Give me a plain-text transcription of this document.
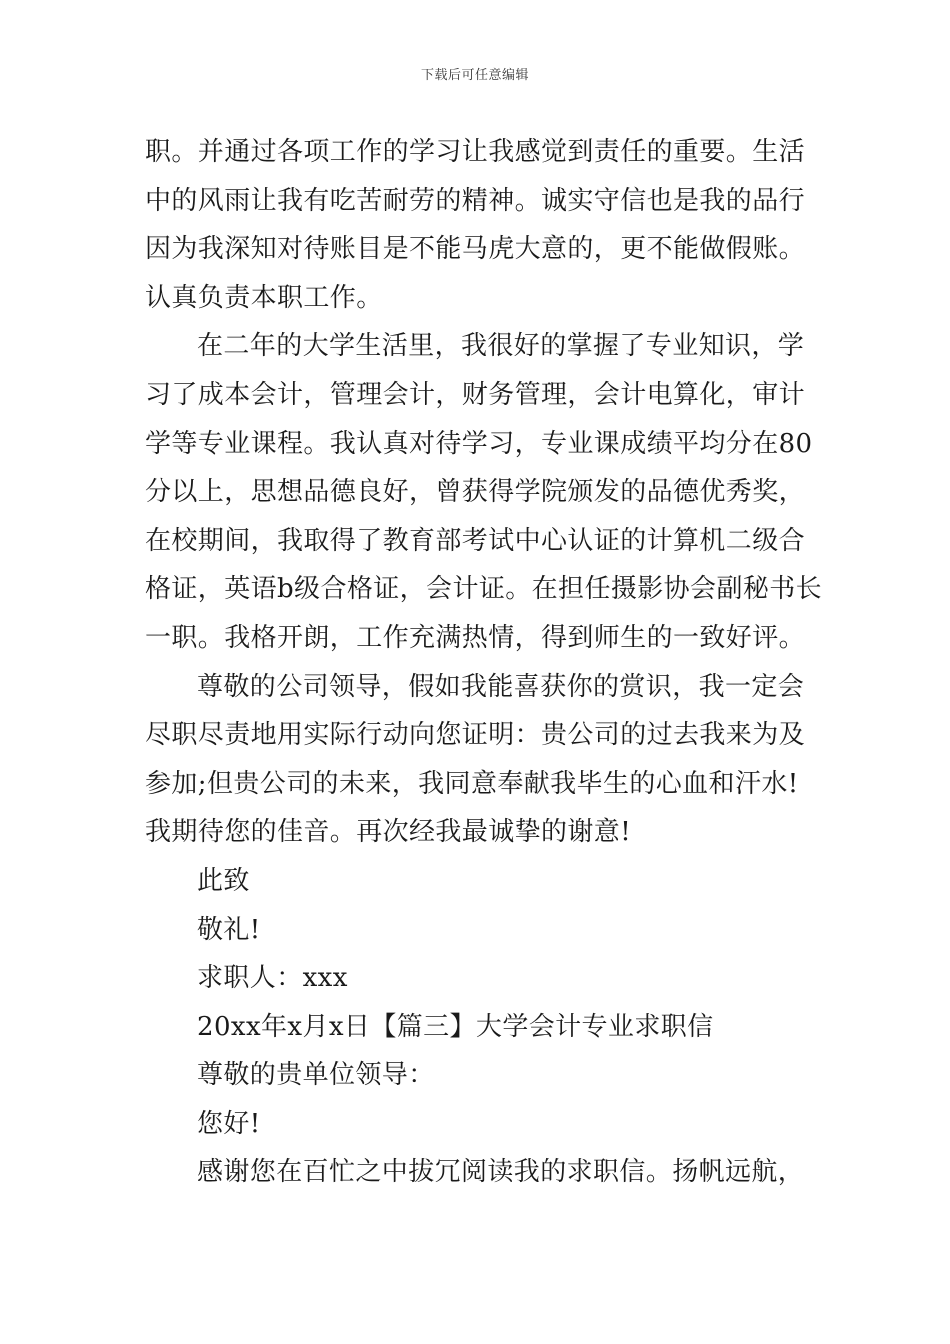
下载后可任意编辑
职。并通过各项工作的学习让我感觉到责任的重要。生活
中的风雨让我有吃苦耐劳的精神。诚实守信也是我的品行
因为我深知对待账目是不能马虎大意的，更不能做假账。
认真负责本职工作。
在二年的大学生活里，我很好的掌握了专业知识，学
习了成本会计，管理会计，财务管理，会计电算化，审计
学等专业课程。我认真对待学习，专业课成绩平均分在80
分以上，思想品德良好，曾获得学院颁发的品德优秀奖，
在校期间，我取得了教育部考试中心认证的计算机二级合
格证，英语b级合格证，会计证。在担任摄影协会副秘书长
一职。我格开朗，工作充满热情，得到师生的一致好评。
尊敬的公司领导，假如我能喜获你的赏识，我一定会
尽职尽责地用实际行动向您证明：贵公司的过去我来为及
参加;但贵公司的未来，我同意奉献我毕生的心血和汗水!
我期待您的佳音。再次经我最诚挚的谢意!
此致
敬礼!
求职人：xxx
20xx年x月x日【篇三】大学会计专业求职信
尊敬的贵单位领导：
您好!
感谢您在百忙之中拔冗阅读我的求职信。扬帆远航，
